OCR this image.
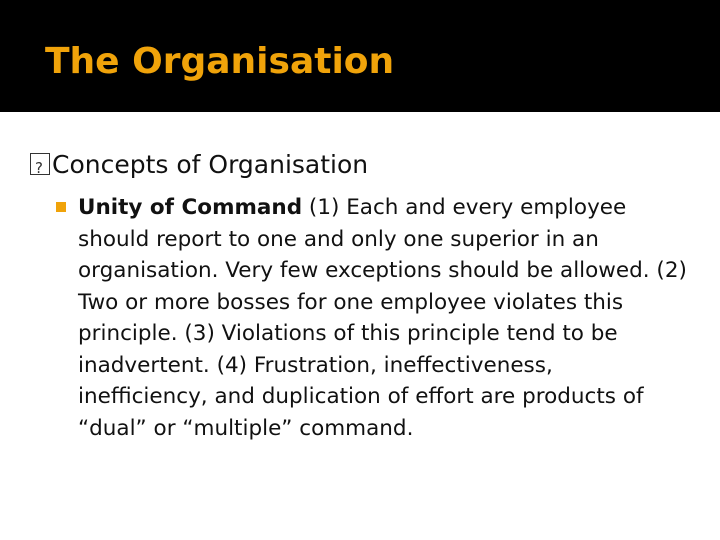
The Organisation
?Concepts of Organisation
Unity of Command (1) Each and every employee should report to one and only one superior in an organisation. Very few exceptions should be allowed. (2) Two or more bosses for one employee violates this principle. (3) Violations of this principle tend to be inadvertent. (4) Frustration, ineffectiveness, inefficiency, and duplication of effort are products of “dual” or “multiple” command.
